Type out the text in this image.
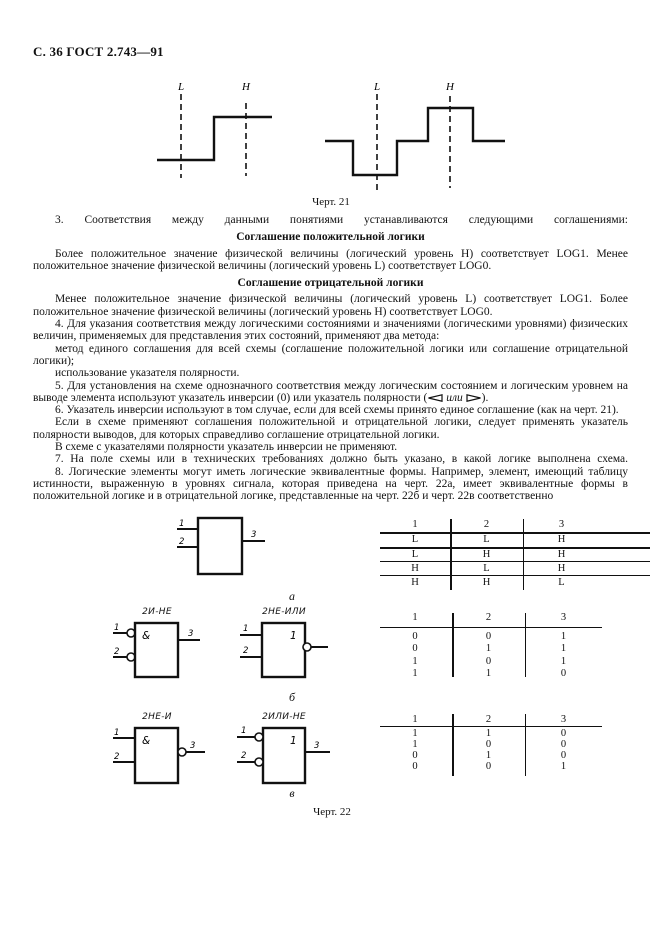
С. 36 ГОСТ 2.743—91
L	H	L	H
Черт. 21

3. Соответствия между данными понятиями устанавливаются следующими соглашениями:

Соглашение положительной логики

Более положительное значение физической величины (логический уровень H) соответствует LOG1. Менее положительное значение физической величины (логический уровень L) соответствует LOG0.

Соглашение отрицательной логики

Менее положительное значение физической величины (логический уровень L) соответствует LOG1. Более положительное значение физической величины (логический уровень H) соответствует LOG0.

4. Для указания соответствия между логическими состояниями и значениями (логическими уровнями) физических величин, применяемых для представления этих состояний, применяют два метода:

метод единого соглашения для всей схемы (соглашение положительной логики или соглашение отрицательной логики);

использование указателя полярности.

5. Для установления на схеме однозначного соответствия между логическим состоянием и логическим уровнем на выводе элемента используют указатель инверсии (0) или указатель полярности ( или ).

6. Указатель инверсии используют в том случае, если для всей схемы принято единое соглашение (как на черт. 21).

Если в схеме применяют соглашения положительной и отрицательной логики, следует применять указатель полярности выводов, для которых справедливо соглашение отрицательной логики.

В схеме с указателями полярности указатель инверсии не применяют.

7. На поле схемы или в технических требованиях должно быть указано, в какой логике выполнена схема.

8. Логические элементы могут иметь логические эквивалентные формы. Например, элемент, имеющий таблицу истинности, выраженную в уровнях сигнала, которая приведена на черт. 22а, имеет эквивалентные формы в положительной логике и в отрицательной логике, представленные на черт. 22б и черт. 22в соответственно

1
2
3
1
2
3
&
1
2
1
1
2
3
&
1
2
3
1
2И-НЕ	2НЕ-ИЛИ
2НЕ-И	2ИЛИ-НЕ
а
б
в
Черт. 22
1	2	3
L	L	H
L	H	H
H	L	H
H	H	L
1	2	3
0	0	1
0	1	1
1	0	1
1	1	0
1	2	3
1	1	0
1	0	0
0	1	0
0	0	1
